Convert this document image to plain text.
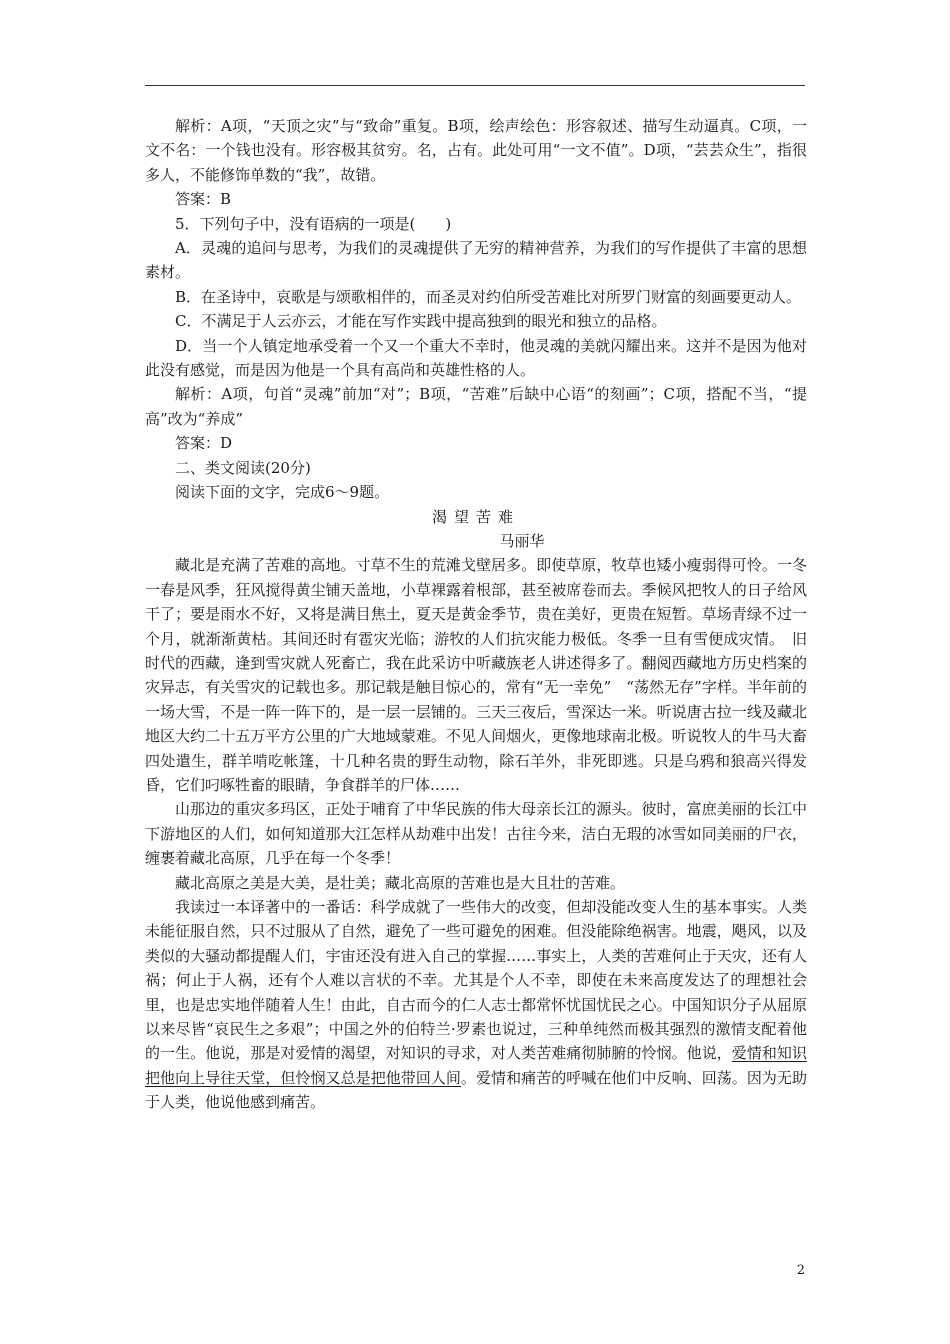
解析：A项，“天顶之灾”与“致命”重复。B项，绘声绘色：形容叙述、描写生动逼真。C项，一文不名：一个钱也没有。形容极其贫穷。名，占有。此处可用“一文不值”。D项，“芸芸众生”，指很多人，不能修饰单数的“我”，故错。

答案：B

5．下列句子中，没有语病的一项是(　　)

A．灵魂的追问与思考，为我们的灵魂提供了无穷的精神营养，为我们的写作提供了丰富的思想素材。

B．在圣诗中，哀歌是与颂歌相伴的，而圣灵对约伯所受苦难比对所罗门财富的刻画要更动人。

C．不满足于人云亦云，才能在写作实践中提高独到的眼光和独立的品格。

D．当一个人镇定地承受着一个又一个重大不幸时，他灵魂的美就闪耀出来。这并不是因为他对此没有感觉，而是因为他是一个具有高尚和英雄性格的人。

解析：A项，句首“灵魂”前加“对”；B项，“苦难”后缺中心语“的刻画”；C项，搭配不当，“提高”改为“养成”

答案：D

二、类文阅读(20分)

阅读下面的文字，完成6～9题。

渴望苦难

马丽华

藏北是充满了苦难的高地。寸草不生的荒滩戈壁居多。即使草原，牧草也矮小瘦弱得可怜。一冬一春是风季，狂风搅得黄尘铺天盖地，小草裸露着根部，甚至被席卷而去。季候风把牧人的日子给风干了；要是雨水不好，又将是满目焦土，夏天是黄金季节，贵在美好，更贵在短暂。草场青绿不过一个月，就渐渐黄枯。其间还时有雹灾光临；游牧的人们抗灾能力极低。冬季一旦有雪便成灾情。　旧时代的西藏，逢到雪灾就人死畜亡，我在此采访中听藏族老人讲述得多了。翻阅西藏地方历史档案的灾异志，有关雪灾的记载也多。那记载是触目惊心的，常有“无一幸免”　“荡然无存”字样。半年前的一场大雪，不是一阵一阵下的，是一层一层铺的。三天三夜后，雪深达一米。听说唐古拉一线及藏北地区大约二十五万平方公里的广大地域蒙难。不见人间烟火，更像地球南北极。听说牧人的牛马大畜四处遣生，群羊啃吃帐篷，十几种名贵的野生动物，除石羊外，非死即逃。只是乌鸦和狼高兴得发昏，它们叼啄牲畜的眼睛，争食群羊的尸体……

山那边的重灾多玛区，正处于哺育了中华民族的伟大母亲长江的源头。彼时，富庶美丽的长江中下游地区的人们，如何知道那大江怎样从劫难中出发！古往今来，洁白无瑕的冰雪如同美丽的尸衣，缠裹着藏北高原，几乎在每一个冬季！

藏北高原之美是大美，是壮美；藏北高原的苦难也是大且壮的苦难。

我读过一本译著中的一番话：科学成就了一些伟大的改变，但却没能改变人生的基本事实。人类未能征服自然，只不过服从了自然，避免了一些可避免的困难。但没能除绝祸害。地震，飓风，以及类似的大骚动都提醒人们，宇宙还没有进入自己的掌握……事实上，人类的苦难何止于天灾，还有人祸；何止于人祸，还有个人难以言状的不幸。尤其是个人不幸，即使在未来高度发达了的理想社会里，也是忠实地伴随着人生！由此，自古而今的仁人志士都常怀忧国忧民之心。中国知识分子从屈原以来尽皆“哀民生之多艰”；中国之外的伯特兰·罗素也说过，三种单纯然而极其强烈的激情支配着他的一生。他说，那是对爱情的渴望，对知识的寻求，对人类苦难痛彻肺腑的怜悯。他说，爱情和知识把他向上导往天堂，但怜悯又总是把他带回人间。爱情和痛苦的呼喊在他们中反响、回荡。因为无助于人类，他说他感到痛苦。

2
